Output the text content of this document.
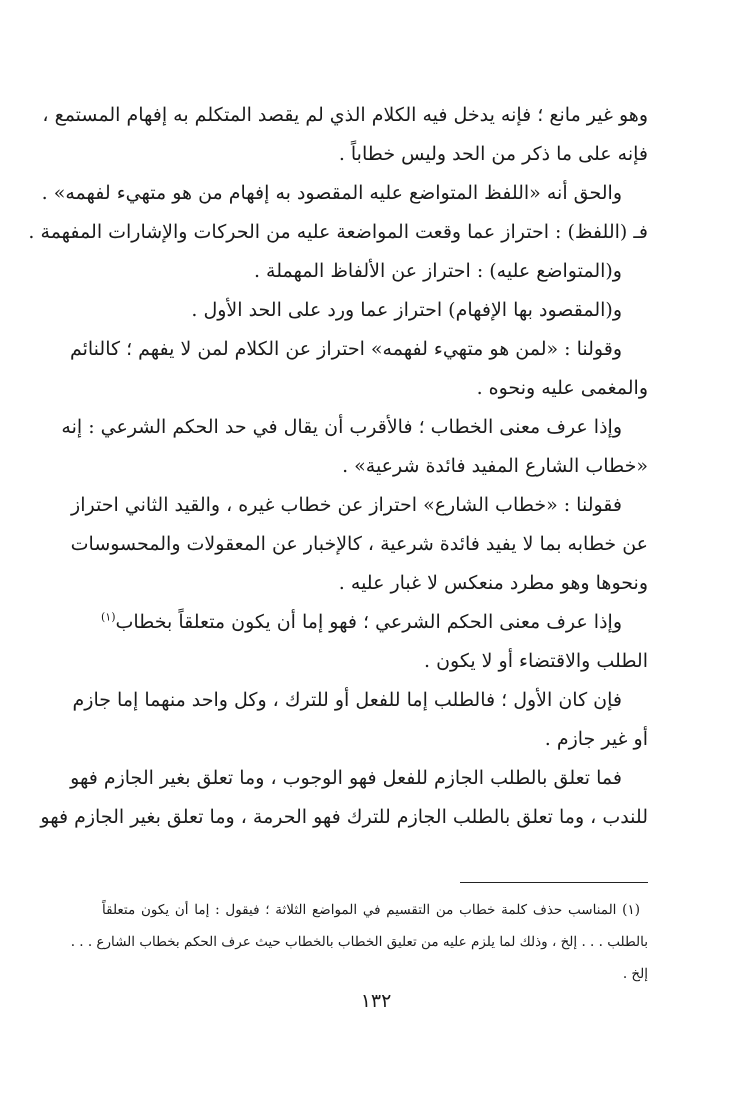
وهو غير مانع ؛ فإنه يدخل فيه الكلام الذي لم يقصد المتكلم به إفهام المستمع ،
فإنه على ما ذكر من الحد وليس خطاباً .
والحق أنه «اللفظ المتواضع عليه المقصود به إفهام من هو متهيء لفهمه» .
فـ (اللفظ) : احتراز عما وقعت المواضعة عليه من الحركات والإشارات المفهمة .
و(المتواضع عليه) : احتراز عن الألفاظ المهملة .
و(المقصود بها الإفهام) احتراز عما ورد على الحد الأول .
وقولنا : «لمن هو متهيء لفهمه» احتراز عن الكلام لمن لا يفهم ؛ كالنائم
والمغمى عليه ونحوه .
وإذا عرف معنى الخطاب ؛ فالأقرب أن يقال في حد الحكم الشرعي : إنه
«خطاب الشارع المفيد فائدة شرعية» .
فقولنا : «خطاب الشارع» احتراز عن خطاب غيره ، والقيد الثاني احتراز
عن خطابه بما لا يفيد فائدة شرعية ، كالإخبار عن المعقولات والمحسوسات
ونحوها وهو مطرد منعكس لا غبار عليه .
وإذا عرف معنى الحكم الشرعي ؛ فهو إما أن يكون متعلقاً بخطاب$^{(١)}$
الطلب والاقتضاء أو لا يكون .
فإن كان الأول ؛ فالطلب إما للفعل أو للترك ، وكل واحد منهما إما جازم
أو غير جازم .
فما تعلق بالطلب الجازم للفعل فهو الوجوب ، وما تعلق بغير الجازم فهو
للندب ، وما تعلق بالطلب الجازم للترك فهو الحرمة ، وما تعلق بغير الجازم فهو
(١) المناسب حذف كلمة خطاب من التقسيم في المواضع الثلاثة ؛ فيقول : إما أن يكون متعلقاً
بالطلب . . . إلخ ، وذلك لما يلزم عليه من تعليق الخطاب بالخطاب حيث عرف الحكم بخطاب الشارع . . .
إلخ .
١٣٢
